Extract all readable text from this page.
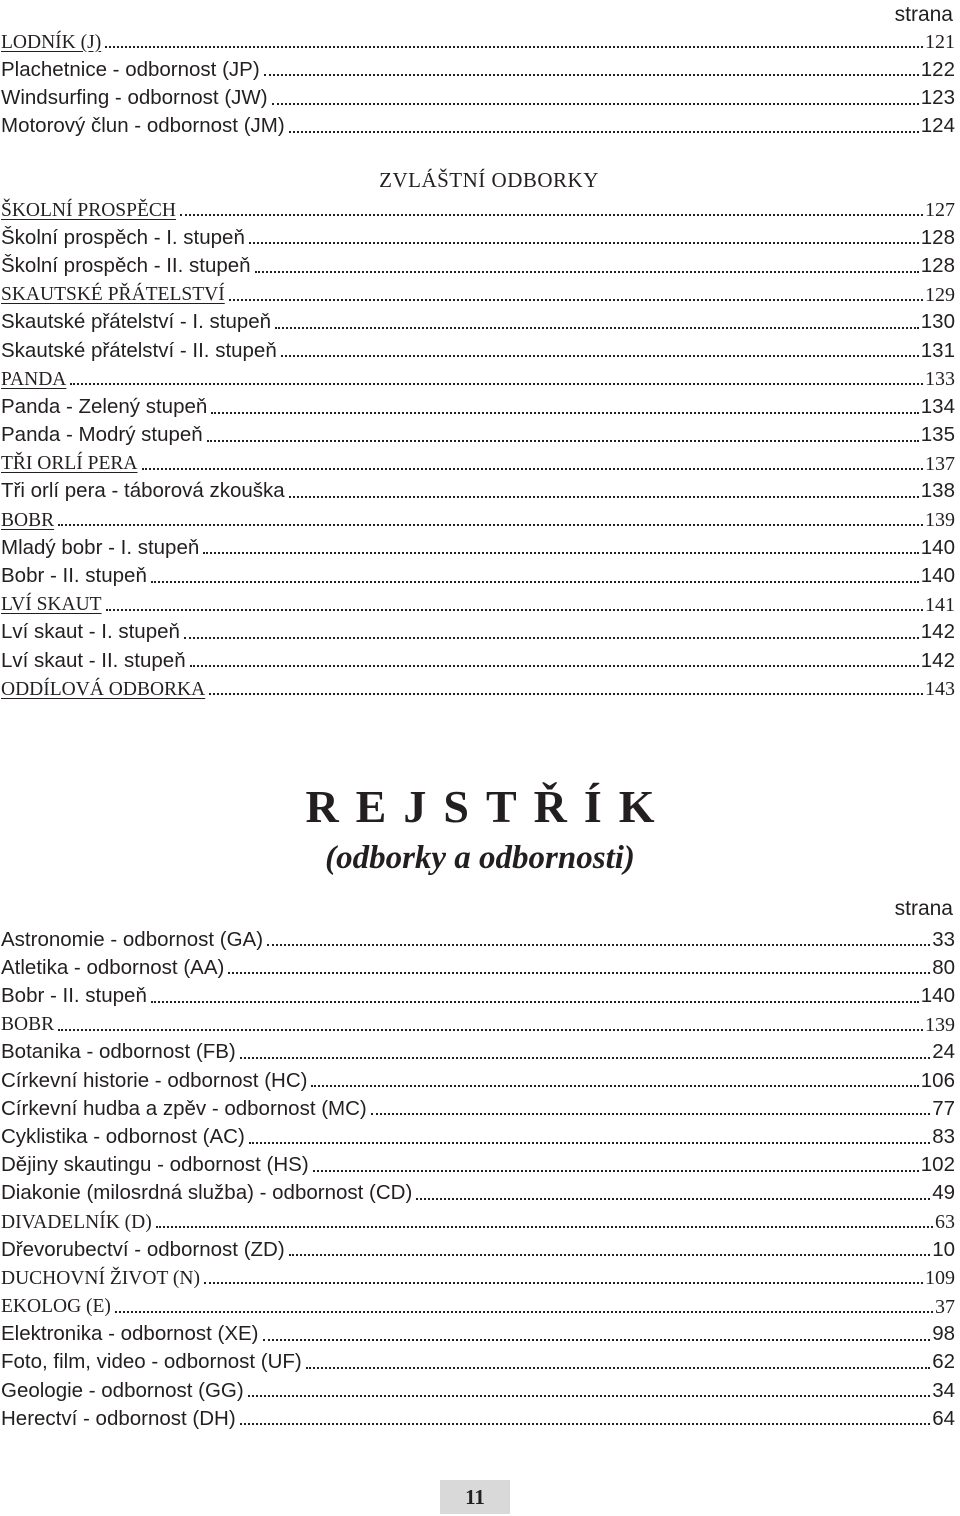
strana
LODNÍK (J)	121
Plachetnice - odbornost (JP)	122
Windsurfing - odbornost (JW)	123
Motorový člun - odbornost (JM)	124
ZVLÁŠTNÍ ODBORKY
ŠKOLNÍ PROSPĚCH	127
Školní prospěch - I. stupeň	128
Školní prospěch - II. stupeň	128
SKAUTSKÉ PŘÁTELSTVÍ	129
Skautské přátelství - I. stupeň	130
Skautské přátelství - II. stupeň	131
PANDA	133
Panda - Zelený stupeň	134
Panda - Modrý stupeň	135
TŘI ORLÍ PERA	137
Tři orlí pera - táborová zkouška	138
BOBR	139
Mladý bobr - I. stupeň	140
Bobr - II. stupeň	140
LVÍ SKAUT	141
Lví skaut - I. stupeň	142
Lví skaut - II. stupeň	142
ODDÍLOVÁ ODBORKA	143
REJSTŘÍK
(odborky a odbornosti)
strana
Astronomie - odbornost (GA)	33
Atletika - odbornost (AA)	80
Bobr - II. stupeň	140
BOBR	139
Botanika - odbornost (FB)	24
Církevní historie - odbornost (HC)	106
Církevní hudba a zpěv - odbornost (MC)	77
Cyklistika - odbornost (AC)	83
Dějiny skautingu - odbornost (HS)	102
Diakonie (milosrdná služba) - odbornost (CD)	49
DIVADELNÍK (D)	63
Dřevorubectví - odbornost (ZD)	10
DUCHOVNÍ ŽIVOT (N)	109
EKOLOG (E)	37
Elektronika - odbornost (XE)	98
Foto, film, video - odbornost (UF)	62
Geologie - odbornost (GG)	34
Herectví - odbornost (DH)	64
11
